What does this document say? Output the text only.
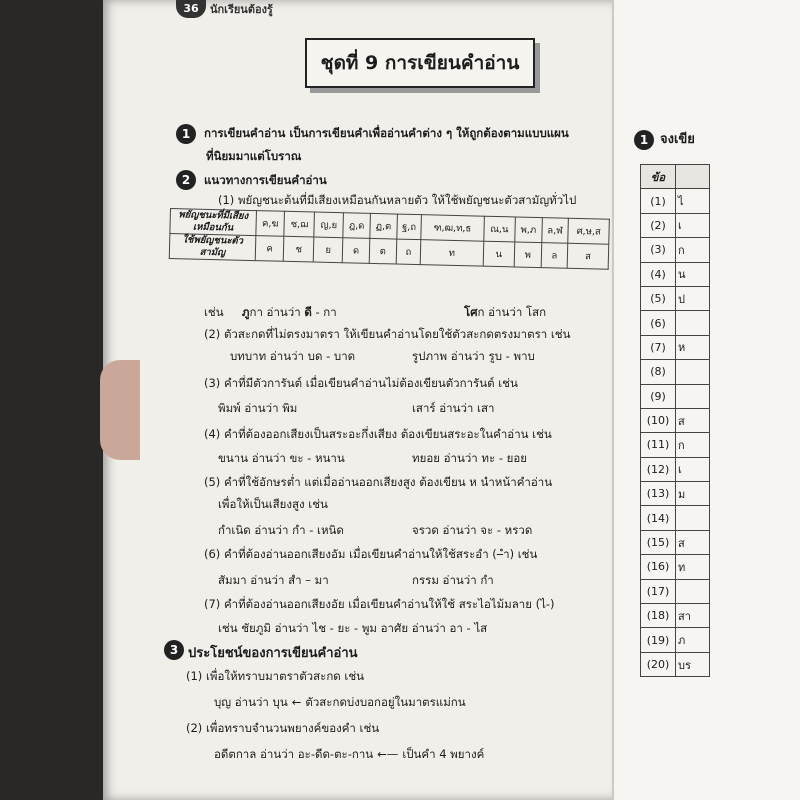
36	นักเรียนต้องรู้
ชุดที่ 9 การเขียนคำอ่าน
1	การเขียนคำอ่าน เป็นการเขียนคำเพื่ออ่านคำต่าง ๆ ให้ถูกต้องตามแบบแผน
ที่นิยมมาแต่โบราณ
2	แนวทางการเขียนคำอ่าน
(1) พยัญชนะต้นที่มีเสียงเหมือนกันหลายตัว ให้ใช้พยัญชนะตัวสามัญทั่วไป
พยัญชนะที่มีเสียงเหมือนกัน	ค,ฆ	ช,ฌ	ญ,ย	ฎ,ด	ฏ,ต	ฐ,ถ	ฑ,ฒ,ท,ธ	ณ,น	พ,ภ	ล,ฬ	ศ,ษ,ส
ใช้พยัญชนะตัวสามัญ	ค	ช	ย	ด	ต	ถ	ท	น	พ	ล	ส
เช่น ภูกา อ่านว่า ดี - กา	โศก อ่านว่า โสก
(2) ตัวสะกดที่ไม่ตรงมาตรา ให้เขียนคำอ่านโดยใช้ตัวสะกดตรงมาตรา เช่น
บทบาท อ่านว่า บด - บาด	รูปภาพ อ่านว่า รูบ - พาบ
(3) คำที่มีตัวการันต์ เมื่อเขียนคำอ่านไม่ต้องเขียนตัวการันต์ เช่น
พิมพ์ อ่านว่า พิม	เสาร์ อ่านว่า เสา
(4) คำที่ต้องออกเสียงเป็นสระอะกึ่งเสียง ต้องเขียนสระอะในคำอ่าน เช่น
ขนาน อ่านว่า ขะ - หนาน	ทยอย อ่านว่า ทะ - ยอย
(5) คำที่ใช้อักษรต่ำ แต่เมื่ออ่านออกเสียงสูง ต้องเขียน ห นำหน้าคำอ่าน
เพื่อให้เป็นเสียงสูง เช่น
กำเนิด อ่านว่า กำ - เหนิด	จรวด อ่านว่า จะ - หรวด
(6) คำที่ต้องอ่านออกเสียงอัม เมื่อเขียนคำอ่านให้ใช้สระอำ (–ำ) เช่น
สัมมา อ่านว่า สำ – มา	กรรม อ่านว่า กำ
(7) คำที่ต้องอ่านออกเสียงอัย เมื่อเขียนคำอ่านให้ใช้ สระไอไม้มลาย (ไ-)
เช่น ชัยภูมิ อ่านว่า ไช - ยะ - พูม อาศัย อ่านว่า อา - ไส
3 ประโยชน์ของการเขียนคำอ่าน
(1) เพื่อให้ทราบมาตราตัวสะกด เช่น
บุญ อ่านว่า บุน ← ตัวสะกดบ่งบอกอยู่ในมาตรแม่กน
(2) เพื่อทราบจำนวนพยางค์ของคำ เช่น
อดีตกาล อ่านว่า อะ-ดีด-ตะ-กาน ←— เป็นคำ 4 พยางค์
1 จงเขีย
ข้อ	
(1)	ไ
(2)	เ
(3)	ก
(4)	น
(5)	ป
(6)	
(7)	ห
(8)	
(9)	
(10)	ส
(11)	ก
(12)	เ
(13)	ม
(14)	
(15)	ส
(16)	ท
(17)	
(18)	สา
(19)	ภ
(20)	บร
